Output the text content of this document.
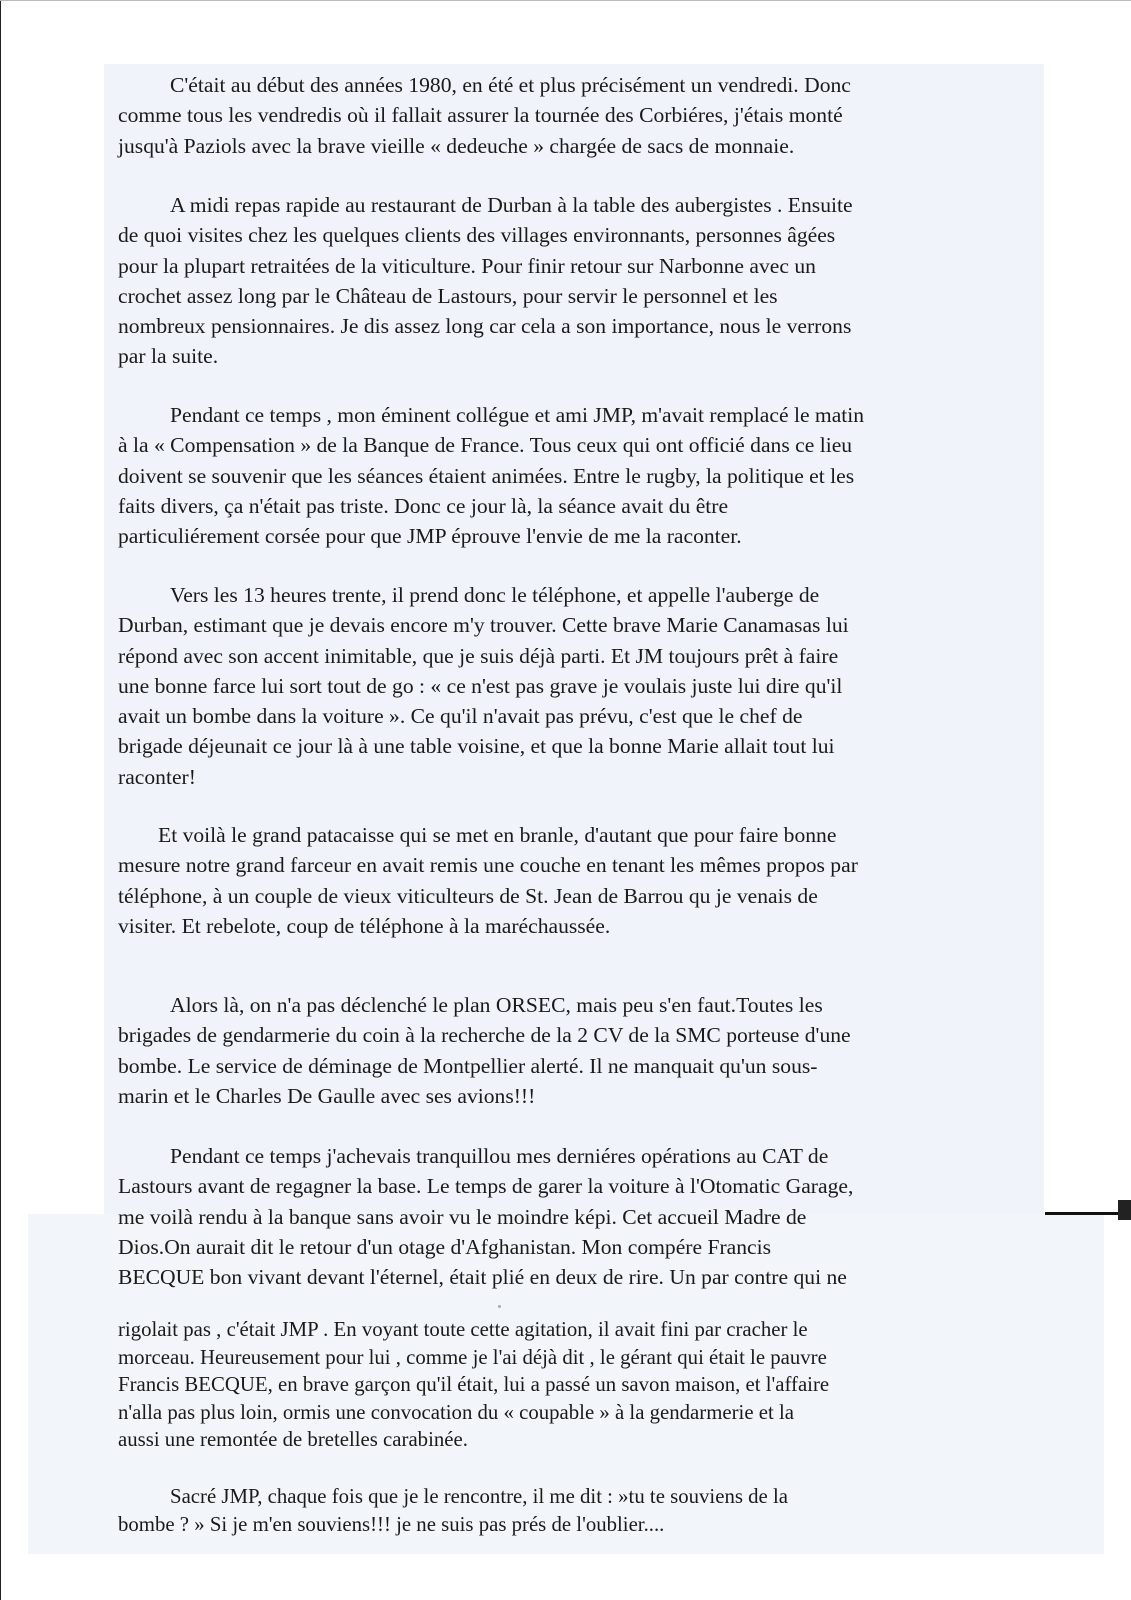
C'était au début des années 1980, en été et plus précisément un vendredi. Donc

comme tous les vendredis où il fallait assurer la tournée des Corbiéres, j'étais monté

jusqu'à Paziols avec la brave vieille « dedeuche » chargée de sacs de monnaie.

A midi repas rapide au restaurant de Durban à la table des aubergistes . Ensuite

de quoi visites chez les quelques clients des villages environnants, personnes âgées

pour la plupart retraitées de la viticulture. Pour finir retour sur Narbonne avec un

crochet assez long par le Château de Lastours, pour servir le personnel et les

nombreux pensionnaires. Je dis assez long car cela a son importance, nous le verrons

par la suite.

Pendant ce temps , mon éminent collégue et ami JMP, m'avait remplacé le matin

à la « Compensation » de la Banque de France. Tous ceux qui ont officié dans ce lieu

doivent se souvenir que les séances étaient animées. Entre le rugby, la politique et les

faits divers, ça n'était pas triste. Donc ce jour là, la séance avait du être

particuliérement corsée pour que JMP éprouve l'envie de me la raconter.

Vers les 13 heures trente, il prend donc le téléphone, et appelle l'auberge de

Durban, estimant que je devais encore m'y trouver. Cette brave Marie Canamasas lui

répond avec son accent inimitable, que je suis déjà parti. Et JM toujours prêt à faire

une bonne farce lui sort tout de go : « ce n'est pas grave je voulais juste lui dire qu'il

avait un bombe dans la voiture ». Ce qu'il n'avait pas prévu, c'est que le chef de

brigade déjeunait ce jour là à une table voisine, et que la bonne Marie allait tout lui

raconter!

Et voilà le grand patacaisse qui se met en branle, d'autant que pour faire bonne

mesure notre grand farceur en avait remis une couche en tenant les mêmes propos par

téléphone, à un couple de vieux viticulteurs de St. Jean de Barrou qu je venais de

visiter. Et rebelote, coup de téléphone à la maréchaussée.

Alors là, on n'a pas déclenché le plan ORSEC, mais peu s'en faut.Toutes les

brigades de gendarmerie du coin à la recherche de la 2 CV de la SMC porteuse d'une

bombe. Le service de déminage de Montpellier alerté. Il ne manquait qu'un sous-

marin et le Charles De Gaulle avec ses avions!!!

Pendant ce temps j'achevais tranquillou mes derniéres opérations au CAT de

Lastours avant de regagner la base. Le temps de garer la voiture à l'Otomatic Garage,

me voilà rendu à la banque sans avoir vu le moindre képi. Cet accueil Madre de

Dios.On aurait dit le retour d'un otage d'Afghanistan. Mon compére Francis

BECQUE bon vivant devant l'éternel, était plié en deux de rire. Un par contre qui ne

rigolait pas , c'était JMP . En voyant toute cette agitation, il avait fini par cracher le

morceau. Heureusement pour lui , comme je l'ai déjà dit , le gérant qui était le pauvre

Francis BECQUE, en brave garçon qu'il était, lui a passé un savon maison, et l'affaire

n'alla pas plus loin, ormis une convocation du « coupable » à la gendarmerie et la

aussi une remontée de bretelles carabinée.

Sacré JMP, chaque fois que je le rencontre, il me dit : »tu te souviens de la

bombe ? » Si je m'en souviens!!! je ne suis pas prés de l'oublier....
